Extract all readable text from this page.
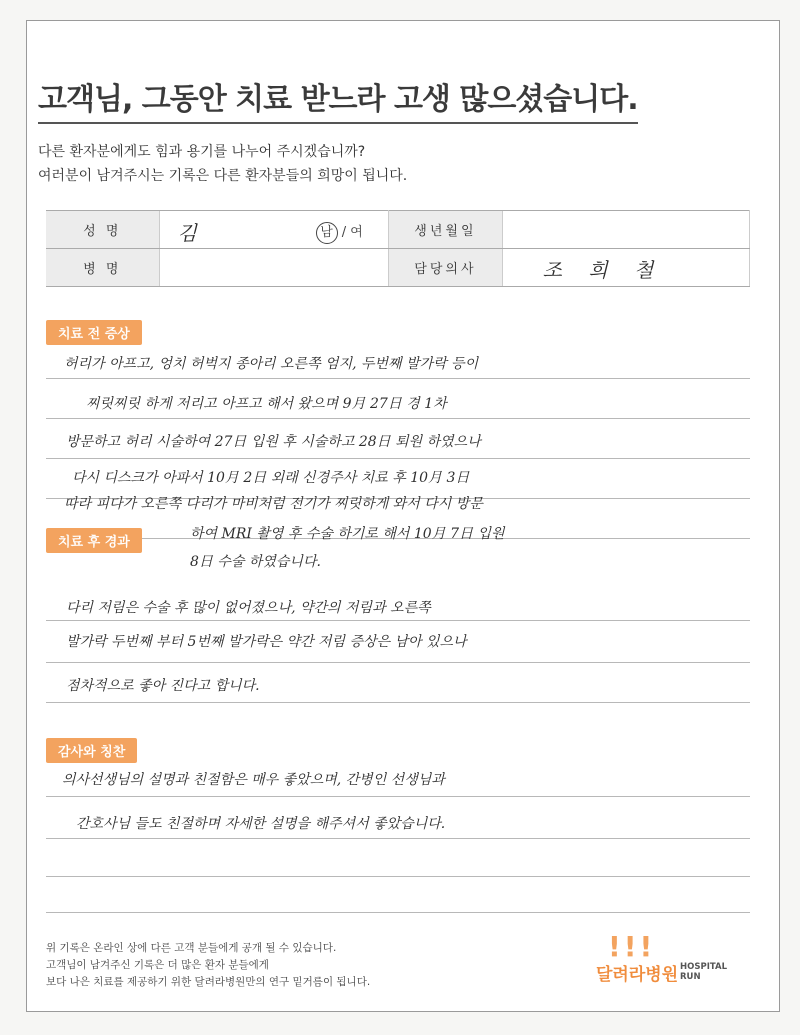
고객님, 그동안 치료 받느라 고생 많으셨습니다.
다른 환자분에게도 힘과 용기를 나누어 주시겠습니까?
여러분이 남겨주시는 기록은 다른 환자분들의 희망이 됩니다.
성 명	김 남 / 여	생년월일	
병 명		담당의사	조 희 철
치료 전 증상
허리가 아프고, 엉치 허벅지 종아리 오른쪽 엄지, 두번째 발가락 등이
찌릿찌릿 하게 저리고 아프고 해서 왔으며 9月 27日 경 1차
방문하고 허리 시술하여 27日 입원 후 시술하고 28日 퇴원 하였으나
다시 디스크가 아파서 10月 2日 외래 신경주사 치료 후 10月 3日
따라 피다가 오른쪽 다리가 마비처럼 전기가 찌릿하게 와서 다시 방문
하여 MRI 촬영 후 수술 하기로 해서 10月 7日 입원
8日 수술 하였습니다.
치료 후 경과
다리 저림은 수술 후 많이 없어졌으나, 약간의 저림과 오른쪽
발가락 두번째 부터 5번째 발가락은 약간 저림 증상은 남아 있으나
점차적으로 좋아 진다고 합니다.
감사와 칭찬
의사선생님의 설명과 친절함은 매우 좋았으며, 간병인 선생님과
간호사님 들도 친절하며 자세한 설명을 해주셔서 좋았습니다.
위 기록은 온라인 상에 다른 고객 분들에게 공개 될 수 있습니다.
고객님이 남겨주신 기록은 더 많은 환자 분들에게
보다 나은 치료를 제공하기 위한 달려라병원만의 연구 밑거름이 됩니다.
!!!
달려라병원 HOSPITAL
RUN
